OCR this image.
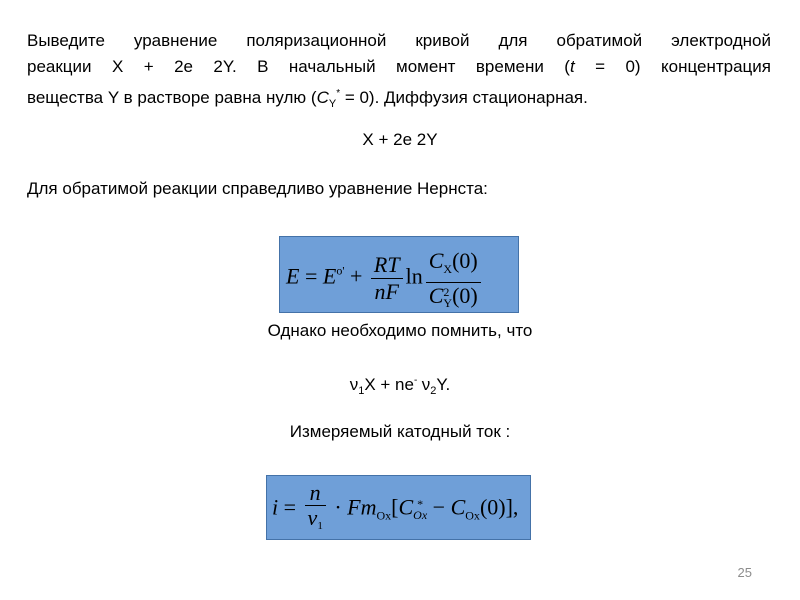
Выведите уравнение поляризационной кривой для обратимой электродной
реакции X + 2e 2Y. В начальный момент времени (t = 0) концентрация
вещества Y в растворе равна нулю $(C_Y^* = 0)$. Диффузия стационарная.

X + 2e 2Y

Для обратимой реакции справедливо уравнение Нернста:

$E = E^{o'} + \frac{RT}{nF}$ $\ln C_X(0)$
C 2
Y (0)

Однако необходимо помнить, что

$\nu_1X + ne^-$ $\nu_2Y$.

Измеряемый катодный ток :

$i = \frac{n}{\nu 1} \cdot Fm_{Ox}[C$ *
$Ox - C_{Ox}(0)$],
25
